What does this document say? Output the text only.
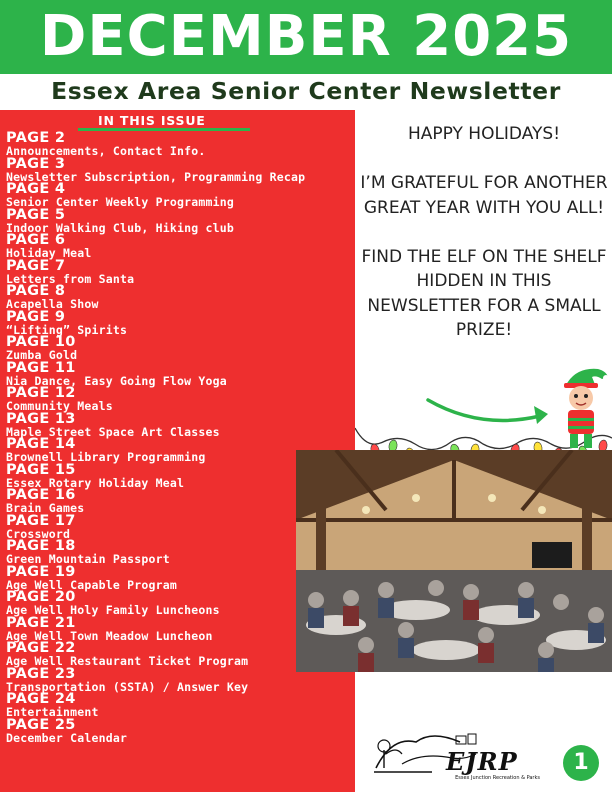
DECEMBER 2025
Essex Area Senior Center Newsletter
IN THIS ISSUE
PAGE 2
Announcements, Contact Info.
PAGE 3
Newsletter Subscription, Programming Recap
PAGE 4
Senior Center Weekly Programming
PAGE 5
Indoor Walking Club, Hiking club
PAGE 6
Holiday Meal
PAGE 7
Letters from Santa
PAGE 8
Acapella Show
PAGE 9
“Lifting” Spirits
PAGE 10
Zumba Gold
PAGE 11
Nia Dance, Easy Going Flow Yoga
PAGE 12
Community Meals
PAGE 13
Maple Street Space Art Classes
PAGE 14
Brownell Library Programming
PAGE 15
Essex Rotary Holiday Meal
PAGE 16
Brain Games
PAGE 17
Crossword
PAGE 18
Green Mountain Passport
PAGE 19
Age Well Capable Program
PAGE 20
Age Well Holy Family Luncheons
PAGE 21
Age Well Town Meadow Luncheon
PAGE 22
Age Well Restaurant Ticket Program
PAGE 23
Transportation (SSTA) / Answer Key
PAGE 24
Entertainment
PAGE 25
December Calendar

HAPPY HOLIDAYS!

I’M GRATEFUL FOR ANOTHER GREAT YEAR WITH YOU ALL!

FIND THE ELF ON THE SHELF HIDDEN IN THIS NEWSLETTER FOR A SMALL PRIZE!

EJRP
Essex Junction Recreation & Parks
1
